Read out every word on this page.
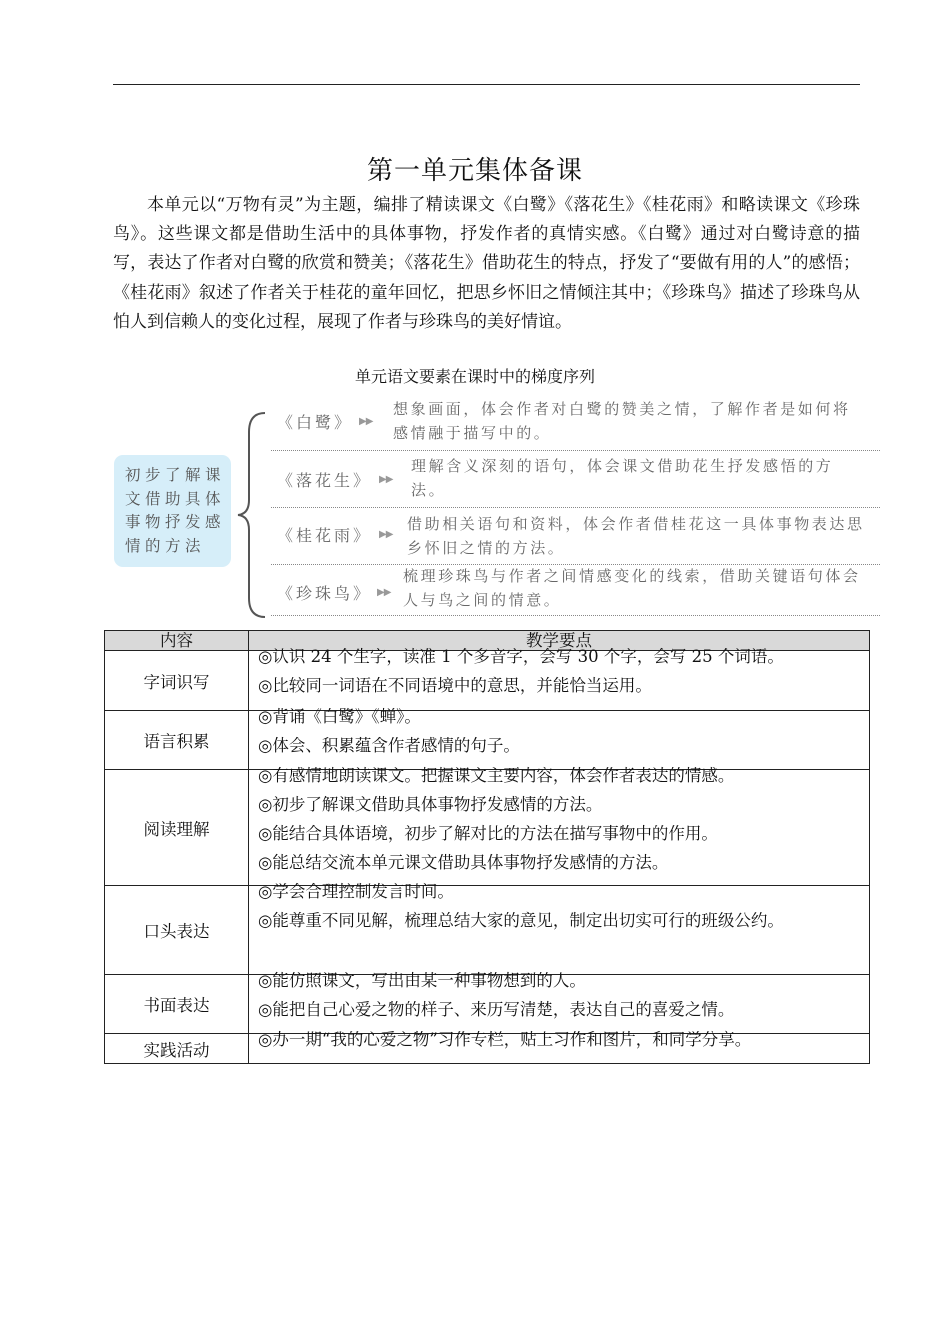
第一单元集体备课

本单元以“万物有灵”为主题，编排了精读课文《白鹭》《落花生》《桂花雨》和略读课文《珍珠鸟》。这些课文都是借助生活中的具体事物，抒发作者的真情实感。《白鹭》通过对白鹭诗意的描写，表达了作者对白鹭的欣赏和赞美；《落花生》借助花生的特点，抒发了“要做有用的人”的感悟；《桂花雨》叙述了作者关于桂花的童年回忆，把思乡怀旧之情倾注其中；《珍珠鸟》描述了珍珠鸟从怕人到信赖人的变化过程，展现了作者与珍珠鸟的美好情谊。

单元语文要素在课时中的梯度序列
初步了解课文借助具体事物抒发感情的方法
《白鹭》 ▶▶
想象画面，体会作者对白鹭的赞美之情，了解作者是如何将感情融于描写中的。
《落花生》 ▶▶
理解含义深刻的语句，体会课文借助花生抒发感悟的方法。
《桂花雨》 ▶▶
借助相关语句和资料，体会作者借桂花这一具体事物表达思乡怀旧之情的方法。
《珍珠鸟》 ▶▶
梳理珍珠鸟与作者之间情感变化的线索，借助关键语句体会人与鸟之间的情意。
内容	教学要点
字词识写	◎认识 24 个生字，读准 1 个多音字，会写 30 个字，会写 25 个词语。

◎比较同一词语在不同语境中的意思，并能恰当运用。

语言积累	◎背诵《白鹭》《蝉》。

◎体会、积累蕴含作者感情的句子。

阅读理解	◎有感情地朗读课文。把握课文主要内容，体会作者表达的情感。

◎初步了解课文借助具体事物抒发感情的方法。

◎能结合具体语境，初步了解对比的方法在描写事物中的作用。

◎能总结交流本单元课文借助具体事物抒发感情的方法。

口头表达	◎学会合理控制发言时间。

◎能尊重不同见解，梳理总结大家的意见，制定出切实可行的班级公约。

书面表达	◎能仿照课文，写出由某一种事物想到的人。

◎能把自己心爱之物的样子、来历写清楚，表达自己的喜爱之情。

实践活动	◎办一期“我的心爱之物”习作专栏，贴上习作和图片，和同学分享。
